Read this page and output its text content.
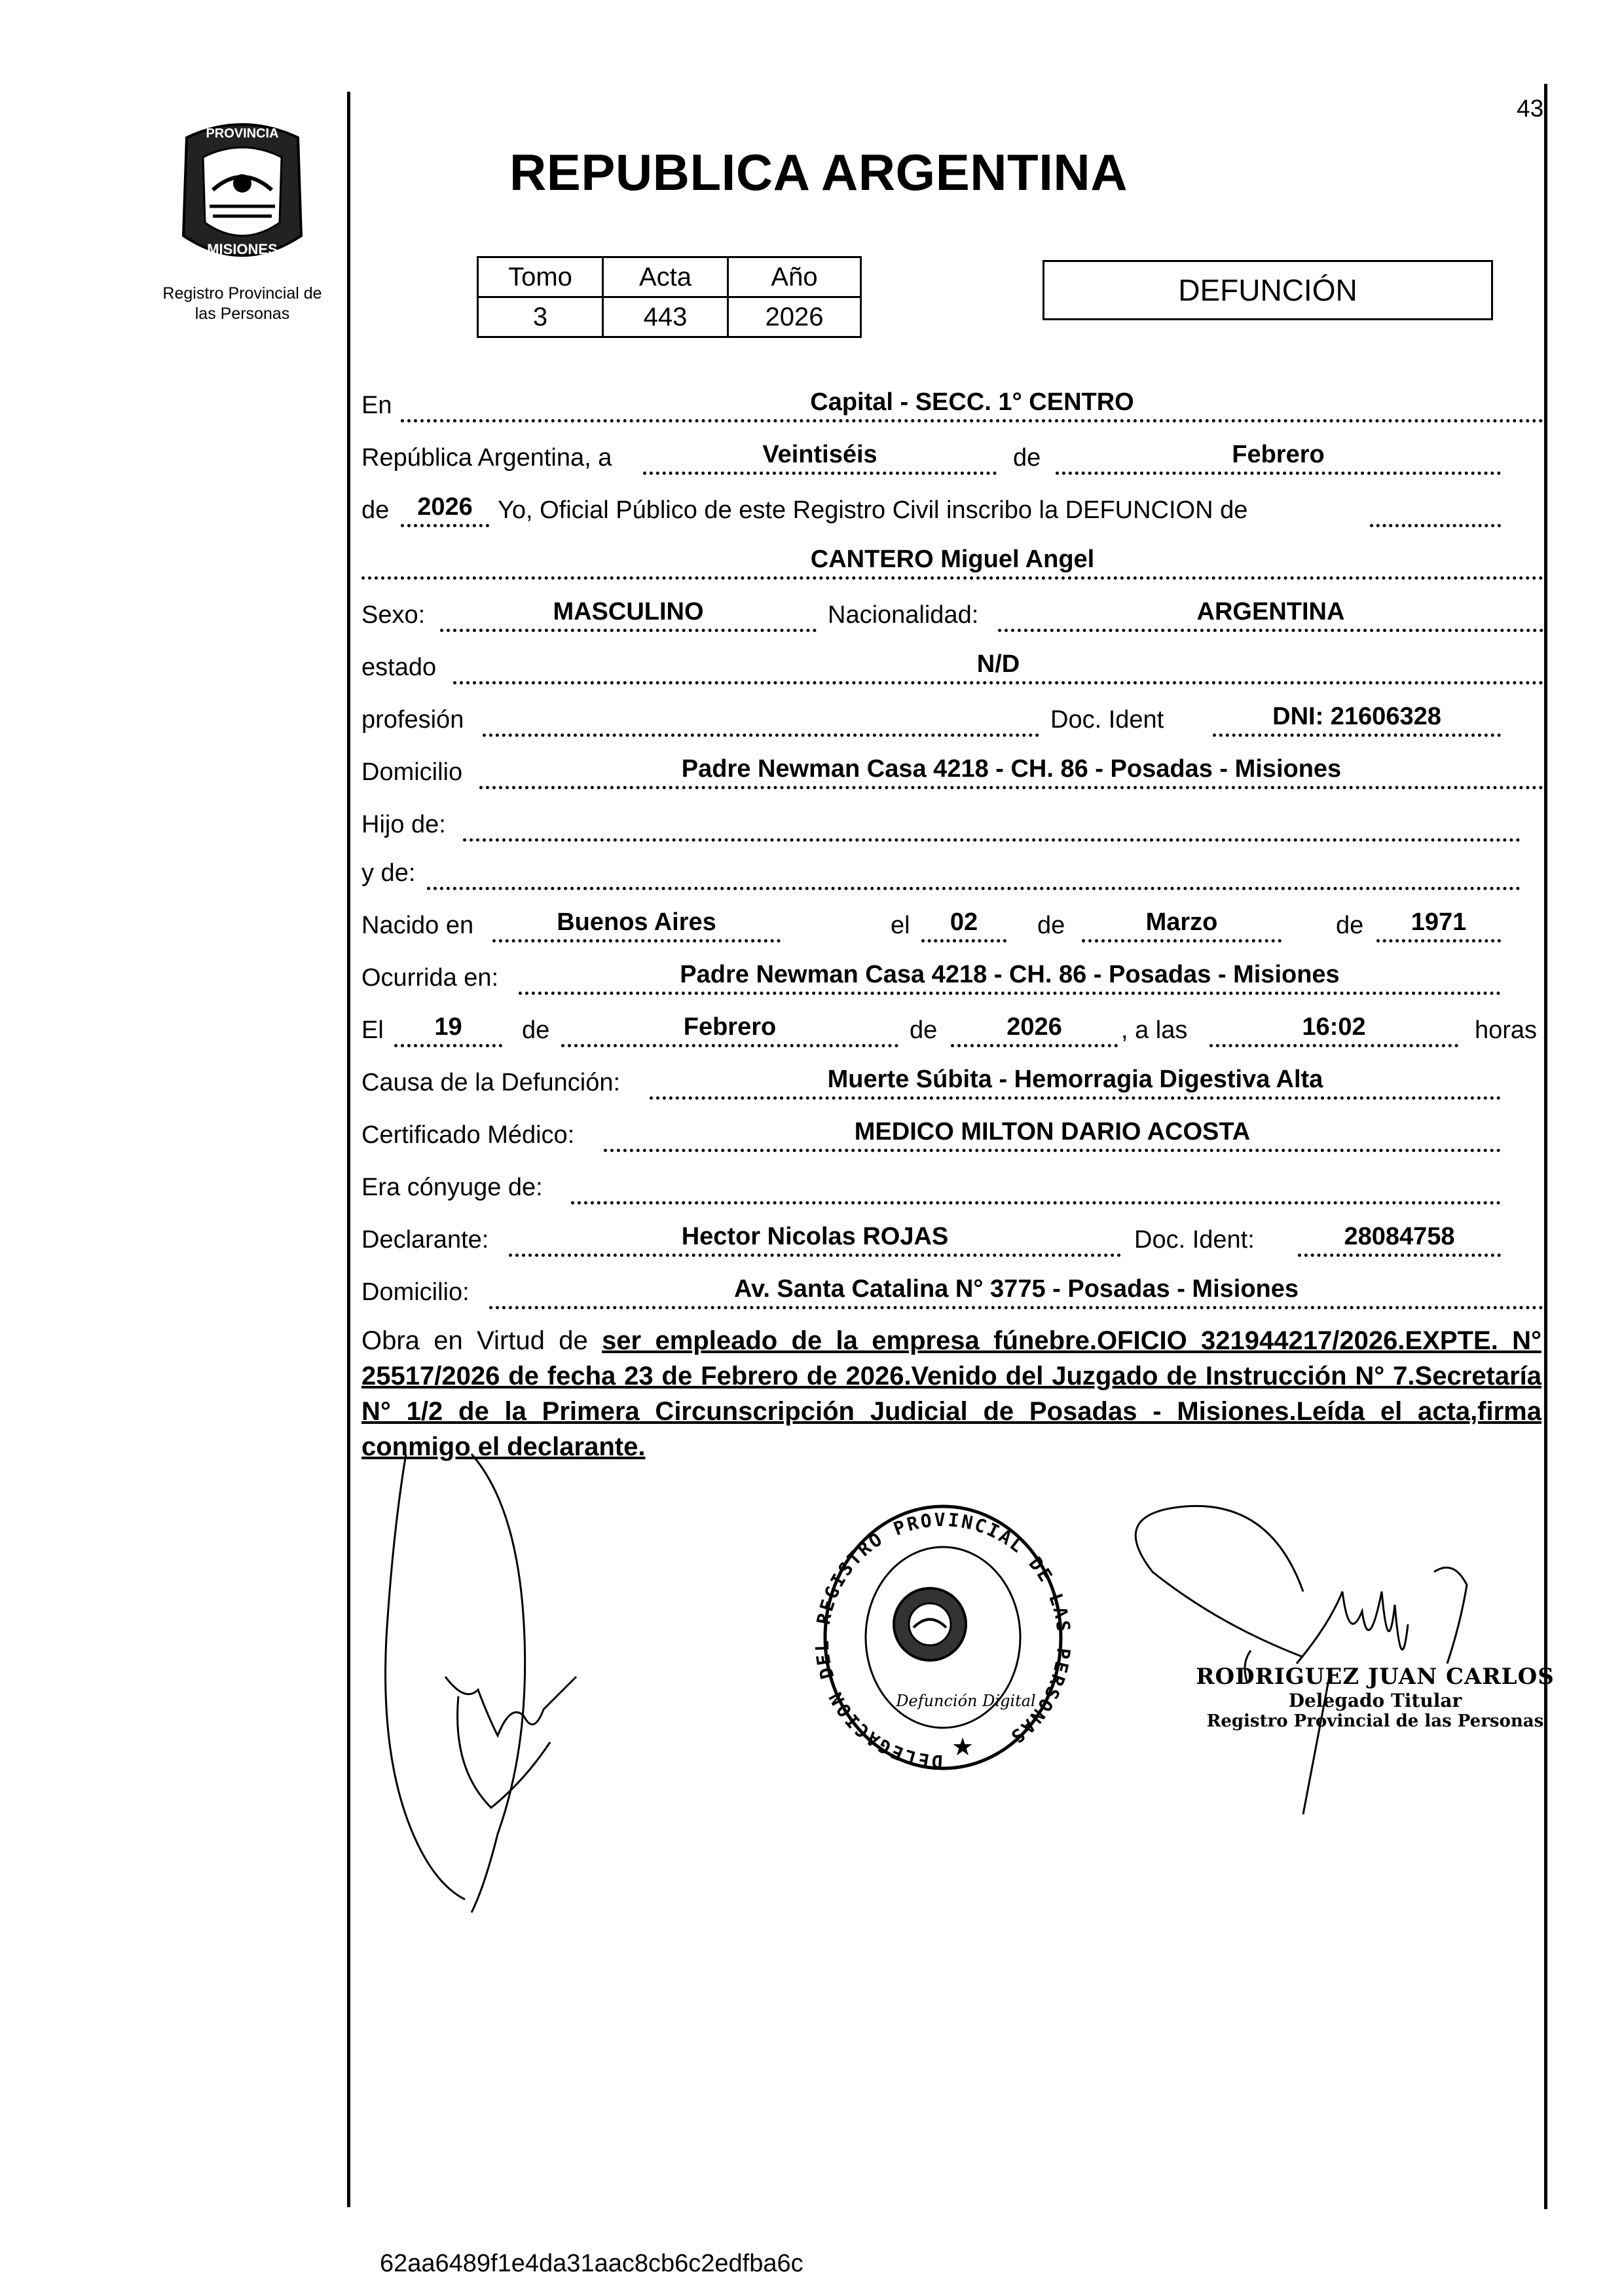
43
PROVINCIA
MISIONES
Registro Provincial de
las Personas
REPUBLICA ARGENTINA
Tomo	Acta	Año
3	443	2026
DEFUNCIÓN
En	Capital - SECC. 1° CENTRO
República Argentina, a	Veintiséis	de	Febrero
de	2026	Yo, Oficial Público de este Registro Civil inscribo la DEFUNCION de
CANTERO Miguel Angel
Sexo:	MASCULINO	Nacionalidad:	ARGENTINA
estado	N/D
profesión	Doc. Ident	DNI: 21606328
Domicilio	Padre Newman Casa 4218 - CH. 86 - Posadas - Misiones
Hijo de:
y de:
Nacido en	Buenos Aires	el	02	de	Marzo	de	1971
Ocurrida en:	Padre Newman Casa 4218 - CH. 86 - Posadas - Misiones
El	19	de	Febrero	de	2026	, a las	16:02	horas
Causa de la Defunción:	Muerte Súbita - Hemorragia Digestiva Alta
Certificado Médico:	MEDICO MILTON DARIO ACOSTA
Era cónyuge de:
Declarante:	Hector Nicolas ROJAS	Doc. Ident:	28084758
Domicilio:	Av. Santa Catalina N° 3775 - Posadas - Misiones
Obra en Virtud de ser empleado de la empresa fúnebre.OFICIO 321944217/2026.EXPTE. N° 25517/2026 de fecha 23 de Febrero de 2026.Venido del Juzgado de Instrucción N° 7.Secretaría N° 1/2 de la Primera Circunscripción Judicial de Posadas - Misiones.Leída el acta,firma conmigo el declarante.
DELEGACION DEL REGISTRO PROVINCIAL DE LAS PERSONAS
Defunción Digital
★
RODRIGUEZ JUAN CARLOS
Delegado Titular
Registro Provincial de las Personas
62aa6489f1e4da31aac8cb6c2edfba6c
